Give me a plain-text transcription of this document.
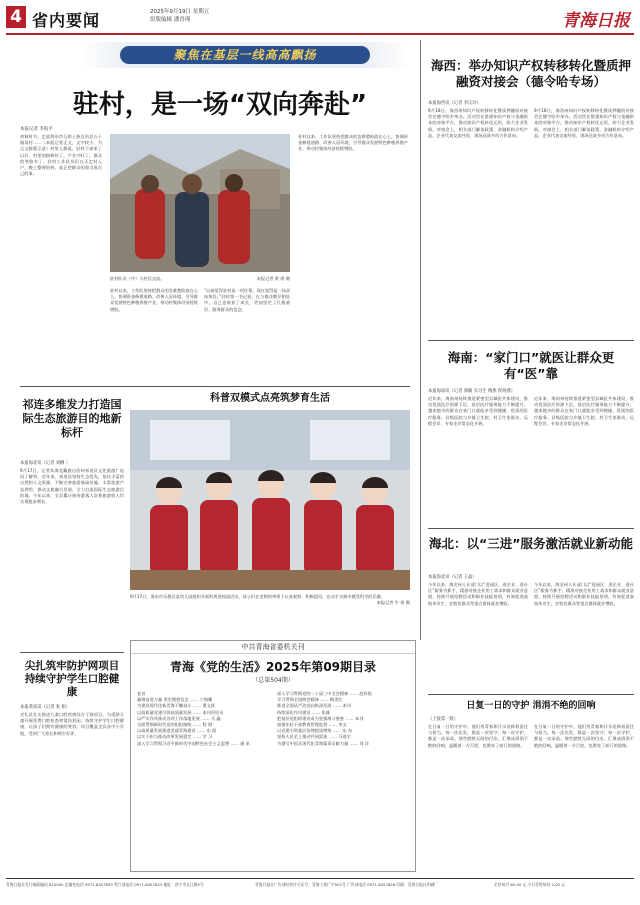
4 省内要闻	2025年9月19日 星期五
组版编辑 潘晋瑾	青海日报
聚焦在基层一线高高飘扬
驻村，是一场“双向奔赴”
本报记者 李皖平
初秋时节，走进海东市互助土族自治县五十镇某村……（本报记者正文，文字较小，为正文排版示意）村里人都说，驻村干部来了以后，村里的路修好了，产业兴旺了，群众的笑脸多了。驻村工作队员们白天走村入户，晚上整理资料，真正把群众的事当成自己的事。
驻村队员（中）与村民交流。	本报记者 黄 瑶 摄
驻村以来，工作队坚持把群众的急难愁盼放在心上，协调资金修建道路、改善人居环境，引导群众发展特色种植养殖产业，带动村集体经济持续增收。
“以前觉得驻村是一项任务，现在觉得是一场双向奔赴。”驻村第一书记说，在与群众朝夕相处中，自己也收获了成长，更加坚定了扎根基层、服务群众的信念。
驻村以来，工作队坚持把群众的急难愁盼放在心上，协调资金修建道路、改善人居环境，引导群众发展特色种植养殖产业，带动村集体经济持续增收。
海西：举办知识产权转移转化暨质押融资对接会（德令哈专场）
本报海西讯（记者 李庆玲）
9月18日，海西州知识产权转移转化暨质押融资对接会在德令哈市举办。活动旨在搭建知识产权与金融资本的对接平台，推动知识产权转化运用，助力企业发展。对接会上，相关部门解读政策，金融机构介绍产品，企业代表交流经验，现场达成多项合作意向。
9月18日，海西州知识产权转移转化暨质押融资对接会在德令哈市举办。活动旨在搭建知识产权与金融资本的对接平台，推动知识产权转化运用，助力企业发展。对接会上，相关部门解读政策，金融机构介绍产品，企业代表交流经验，现场达成多项合作意向。
海南：“家门口”就医让群众更有“医”靠
本报海南讯（记者 郭颖 实习生 梅燕 侯海燕）
近年来，海南州持续推进紧密型县域医共体建设，推动优质医疗资源下沉，基层医疗服务能力不断提升，越来越多的群众在家门口就能享受到便捷、优质的医疗服务。县级医院与乡镇卫生院、村卫生室联动，远程会诊、专家坐诊常态化开展。
近年来，海南州持续推进紧密型县域医共体建设，推动优质医疗资源下沉，基层医疗服务能力不断提升，越来越多的群众在家门口就能享受到便捷、优质的医疗服务。县级医院与乡镇卫生院、村卫生室联动，远程会诊、专家坐诊常态化开展。
海北：以“三进”服务激活就业新动能
本报海北讯（记者 王晶）
今年以来，海北州人社部门以“进园区、进企业、进社区”服务为抓手，精准对接企业用工需求和群众就业意愿，持续开展招聘活动和职业技能培训，有效促进高校毕业生、农牧民群众等重点群体就业增收。
今年以来，海北州人社部门以“进园区、进企业、进社区”服务为抓手，精准对接企业用工需求和群众就业意愿，持续开展招聘活动和职业技能培训，有效促进高校毕业生、农牧民群众等重点群体就业增收。
祁连多维发力打造国际生态旅游目的地新标杆
本报海北讯（记者 刘樽 ）
9月17日，记者从海北藏族自治州祁连县文化旅游广电局了解到，近年来，祁连县坚持生态优先，依托丰富的自然和人文资源，不断完善旅游基础设施，丰富旅游产品供给，推动文旅融合发展，全力打造国际生态旅游目的地。今年以来，全县累计接待游客人次和旅游收入均实现稳步增长。
科普双模式点亮筑梦育生活
9月17日，海东市乐都区某幼儿园组织开展科普进校园活动，孩子们在老师的带领下认真观察、积极提问，在动手实践中感受科学的乐趣。
本报记者 牛 瑶 摄
尖扎筑牢防护网项目持续守护学生口腔健康
本报黄南讯（记者 张 娟）
尖扎县扎实推进儿童口腔疾病综合干预项目，为适龄儿童开展免费口腔检查和窝沟封闭，持续守护学生口腔健康，让孩子们拥有健康的笑容。项目覆盖全县各中小学校，受到广大家长和师生好评。
中共青海省委机关刊
青海《党的生活》2025年第09期目录
（总第504期）
卷首
凝聚奋进力量 坚定理想信念 …… 宁海鹰
为建设现代化新青海不懈奋斗 …… 曹文跃
以高质量党建引领高质量发展 …… 本刊评论员
以严实作风推动各项工作落地见效 …… 马 鑫
全面贯彻新时代党的组织路线 …… 程 钢
以高质量发展推进美丽青海建设 …… 东 阳
以实干担当推动改革发展稳定 …… 学 习
深入学习贯彻习近平新时代中国特色社会主义思想 …… 通 讯
深入学习贯彻党的二十届三中全会精神 …… 赵祥银
学习贯彻全国两会精神 …… 梅美红
推进全面从严治党向纵深发展 …… 本刊
持续深化作风建设 …… 张雄
把基层党组织建设成为坚强战斗堡垒 …… 本刊
加强年轻干部教育管理监督 …… 李文
以党建引领基层治理提质增效 …… 东 东
坚持人民至上推动共同富裕 …… 马进学
为谱写中国式现代化青海篇章贡献力量 …… 刘 洋
日复一日的守护 涓涓不绝的回响
（上接第一版）
在日复一日的守护中，他们用青春和汗水诠释着责任与担当。每一次出发，都是一次坚守；每一次守护，都是一次承诺。那些默默无闻的付出，汇聚成涓涓不绝的回响，温暖着一方百姓，也照亮了前行的道路。
在日复一日的守护中，他们用青春和汗水诠释着责任与担当。每一次出发，都是一次坚守；每一次守护，都是一次承诺。那些默默无闻的付出，汇聚成涓涓不绝的回响，温暖着一方百姓，也照亮了前行的道路。
青海日报社发行邮政编码 810000 总编室电话 0971-8457850 发行部电话 0971-8457843 地址：西宁市长江路5号	青海日报社广告部经营许可证号：青海工商广字001号 广告部电话 0971-8457828 印刷：青海日报社印刷厂	定价每月 60.00 元 今日零售每份 2.00 元
